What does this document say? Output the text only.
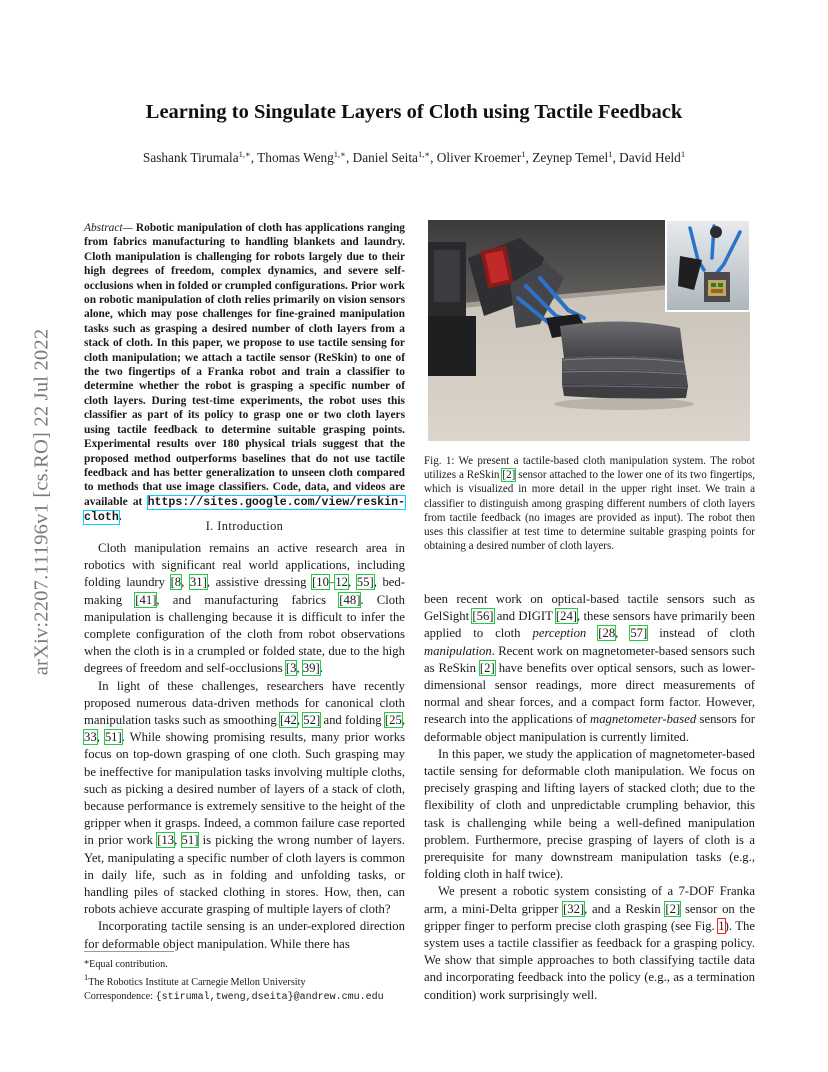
Learning to Singulate Layers of Cloth using Tactile Feedback
Sashank Tirumala$^{1,∗}$, Thomas Weng$^{1,∗}$, Daniel Seita$^{1,∗}$, Oliver Kroemer$^1$, Zeynep Temel$^1$, David Held$^1$
arXiv:2207.11196v1 [cs.RO] 22 Jul 2022
Abstract— Robotic manipulation of cloth has applications ranging from fabrics manufacturing to handling blankets and laundry. Cloth manipulation is challenging for robots largely due to their high degrees of freedom, complex dynamics, and severe self-occlusions when in folded or crumpled configurations. Prior work on robotic manipulation of cloth relies primarily on vision sensors alone, which may pose challenges for fine-grained manipulation tasks such as grasping a desired number of cloth layers from a stack of cloth. In this paper, we propose to use tactile sensing for cloth manipulation; we attach a tactile sensor (ReSkin) to one of the two fingertips of a Franka robot and train a classifier to determine whether the robot is grasping a specific number of cloth layers. During test-time experiments, the robot uses this classifier as part of its policy to grasp one or two cloth layers using tactile feedback to determine suitable grasping points. Experimental results over 180 physical trials suggest that the proposed method outperforms baselines that do not use tactile feedback and has better generalization to unseen cloth compared to methods that use image classifiers. Code, data, and videos are available at https://sites.google.com/view/reskin-cloth.
I. Introduction

Cloth manipulation remains an active research area in robotics with significant real world applications, including folding laundry [8, 31], assistive dressing [10–12, 55], bed-making [41], and manufacturing fabrics [48]. Cloth manipulation is challenging because it is difficult to infer the complete configuration of the cloth from robot observations when the cloth is in a crumpled or folded state, due to the high degrees of freedom and self-occlusions [3, 39].

In light of these challenges, researchers have recently proposed numerous data-driven methods for canonical cloth manipulation tasks such as smoothing [42, 52] and folding [25, 33, 51]. While showing promising results, many prior works focus on top-down grasping of one cloth. Such grasping may be ineffective for manipulation tasks involving multiple cloths, such as picking a desired number of layers of a stack of cloth, because performance is extremely sensitive to the height of the gripper when it grasps. Indeed, a common failure case reported in prior work [13, 51] is picking the wrong number of layers. Yet, manipulating a specific number of cloth layers is common in daily life, such as in folding and unfolding tasks, or handling piles of stacked clothing in stores. How, then, can robots achieve accurate grasping of multiple layers of cloth?

Incorporating tactile sensing is an under-explored direction for deformable object manipulation. While there has

Fig. 1: We present a tactile-based cloth manipulation system. The robot utilizes a ReSkin [2] sensor attached to the lower one of its two fingertips, which is visualized in more detail in the upper right inset. We train a classifier to distinguish among grasping different numbers of cloth layers from tactile feedback (no images are provided as input). The robot then uses this classifier at test time to determine suitable grasping points for obtaining a desired number of cloth layers.

been recent work on optical-based tactile sensors such as GelSight [56] and DIGIT [24], these sensors have primarily been applied to cloth perception [28, 57] instead of cloth manipulation. Recent work on magnetometer-based sensors such as ReSkin [2] have benefits over optical sensors, such as lower-dimensional sensor readings, more direct measurements of normal and shear forces, and a compact form factor. However, research into the applications of magnetometer-based sensors for deformable object manipulation is currently limited.

In this paper, we study the application of magnetometer-based tactile sensing for deformable cloth manipulation. We focus on precisely grasping and lifting layers of stacked cloth; due to the flexibility of cloth and unpredictable crumpling behavior, this task is challenging while being a well-defined manipulation problem. Furthermore, precise grasping of layers of cloth is a prerequisite for many downstream manipulation tasks (e.g., folding cloth in half twice).

We present a robotic system consisting of a 7-DOF Franka arm, a mini-Delta gripper [32], and a Reskin [2] sensor on the gripper finger to perform precise cloth grasping (see Fig. 1). The system uses a tactile classifier as feedback for a grasping policy. We show that simple approaches to both classifying tactile data and incorporating feedback into the policy (e.g., as a termination condition) work surprisingly well.

*Equal contribution.
$^1$The Robotics Institute at Carnegie Mellon University
Correspondence: {stirumal,tweng,dseita}@andrew.cmu.edu
